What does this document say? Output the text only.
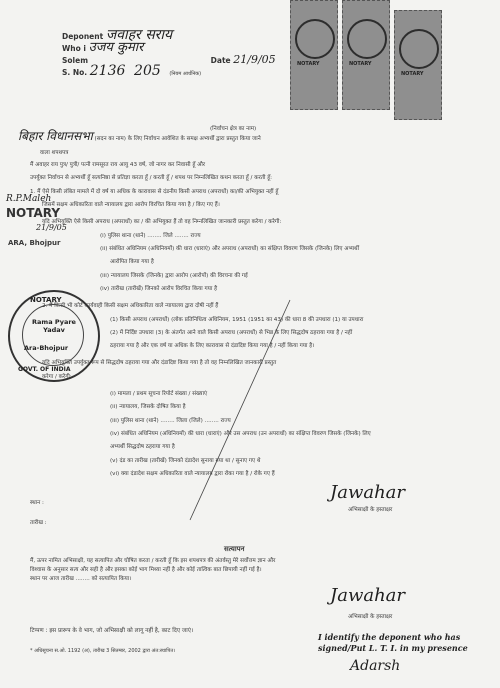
Deponent जवाहर सराय
Who i उजय कुमार
Solem	Date 21/9/05
S. No. 2136 205 (नियम आर्थनिक)
NOTARY	NOTARY
NOTARY
(निर्वाचन क्षेत्र का नाम)
बिहार विधानसभा (सदन का नाम) के लिए निर्वाचन आवेशित के समक्ष अभ्यर्थी द्वारा प्रस्तुत किया जाने
वाला शपथपत्र
मैं अवाहर राय पुत्र/ पुत्री/ पत्नी रामसूरत राय आयु 43 वर्ष, जो नागर कर निवासी हूँ और
उपर्युक्त निर्वाचन से अभ्यर्थी हूँ सत्यनिष्ठा से प्रतिज्ञा करता हूँ / करती हूँ / शपथ पर निम्नलिखित कथन करता हूँ / करती हूँ:
1. मैं ऐसे किसी लंबित मामले में दो वर्ष या अधिक के कारावास से दंडनीय किसी अपराध (अपराधों) का/की अभियुक्त नहीं हूँ
जिसमें सक्षम अधिकारिता वाले न्यायालय द्वारा आरोप विरचित किया गया है / किए गए हैं।
यदि अभियुक्ति ऐसे किसी अपराध (अपराधों) का / की अभियुक्त हैं तो वह निम्नलिखित जानकारी प्रस्तुत करेगा / करेगी:
(i) पुलिस थाना (थाने) ........ जिले ........ राज्य
(ii) संबंधित अधिनियम (अधिनियमों) की धारा (धाराएं) और अपराध (अपराधों) का संक्षिप्त विवरण जिसके (जिनके) लिए अभ्यर्थी
आरोपित किया गया है
(iii) न्यायालय जिसके (जिनके) द्वारा आरोप (आरोपों) की विरचना की गई
(iv) तारीख (तारीखें) जिनको आरोप विरचित किया गया है
2. मैं किसी भी कोर्ट कार्यवाही किसी सक्षम अधिकारिता वाले न्यायालय द्वारा दोषी नहीं हैं
(1) किसी अपराध (अपराधों) (लोक प्रतिनिधित्व अधिनियम, 1951 (1951 का 43) की धारा 8 की उपधारा (1) या उपधारा
(2) में निर्दिष्ट उपधारा (3) के अंतर्गत आने वाले किसी अपराध (अपराधों) से भिन्न के लिए सिद्धदोष ठहराया गया है / नहीं
ठहराया गया है और एक वर्ष या अधिक के लिए कारावास से दंडादिष्ट किया गया है / नहीं किया गया है।
यदि अभियुक्ति उपर्युक्त रूप से सिद्धदोष ठहराया गया और दंडादिष्ट किया गया है तो वह निम्नलिखित जानकारी प्रस्तुत
करेगा / करेगी:
(i) मामला / प्रथम सूचना रिपोर्ट संख्या / संख्याएं
(ii) न्यायालय, जिसके दोषित किया है
(iii) पुलिस थाना (थाने) ........ जिला (जिले) ........ राज्य
(iv) संबंधित अधिनियम (अधिनियमों) की धारा (धाराएं) और उस अपराध (उन अपराधों) का संक्षिप्त विवरण जिसके (जिनके) लिए
अभ्यर्थी सिद्धदोष ठहराया गया है
(v) दंड का तारीख (तारीखें) जिनको दंडादेश सुनाया गया था / सुनाए गए थे
(vi) क्या दंडादेश सक्षम अधिकारिता वाले न्यायालय द्वारा रोका गया है / रोके गए हैं
R.P.Maleh
NOTARY
21/9/05
ARA, Bhojpur
NOTARY
Rama Pyare Yadav
Ara-Bhojpur
GOVT. OF INDIA
स्थान :
तारीख :
Jawahar
अभिसाक्षी के हस्ताक्षर
सत्यापन
मैं, ऊपर नामित अभिसाक्षी, यह सत्यापित और घोषित करता / करती हूँ कि इस शपथपत्र की अंतर्वस्तु मेरे सर्वोत्तम ज्ञान और
विश्वास के अनुसार सत्य और सही है और इसका कोई भाग मिथ्या नहीं है और कोई तात्विक बात छिपायी नहीं गई है।
स्थान पर आज तारीख ........ को सत्यापित किया।
Jawahar
अभिसाक्षी के हस्ताक्षर
टिप्पण : इस प्रारूप के वे भाग, जो अभिसाक्षी को लागू नहीं है, काट दिए जाएं।
* अधिसूचना स.ओ. 1192 (अ), तारीख 3 सितम्बर, 2002 द्वारा अंत:स्थापित।
I identify the deponent who has
signed/Put L. T. I. in my presence
Adarsh
